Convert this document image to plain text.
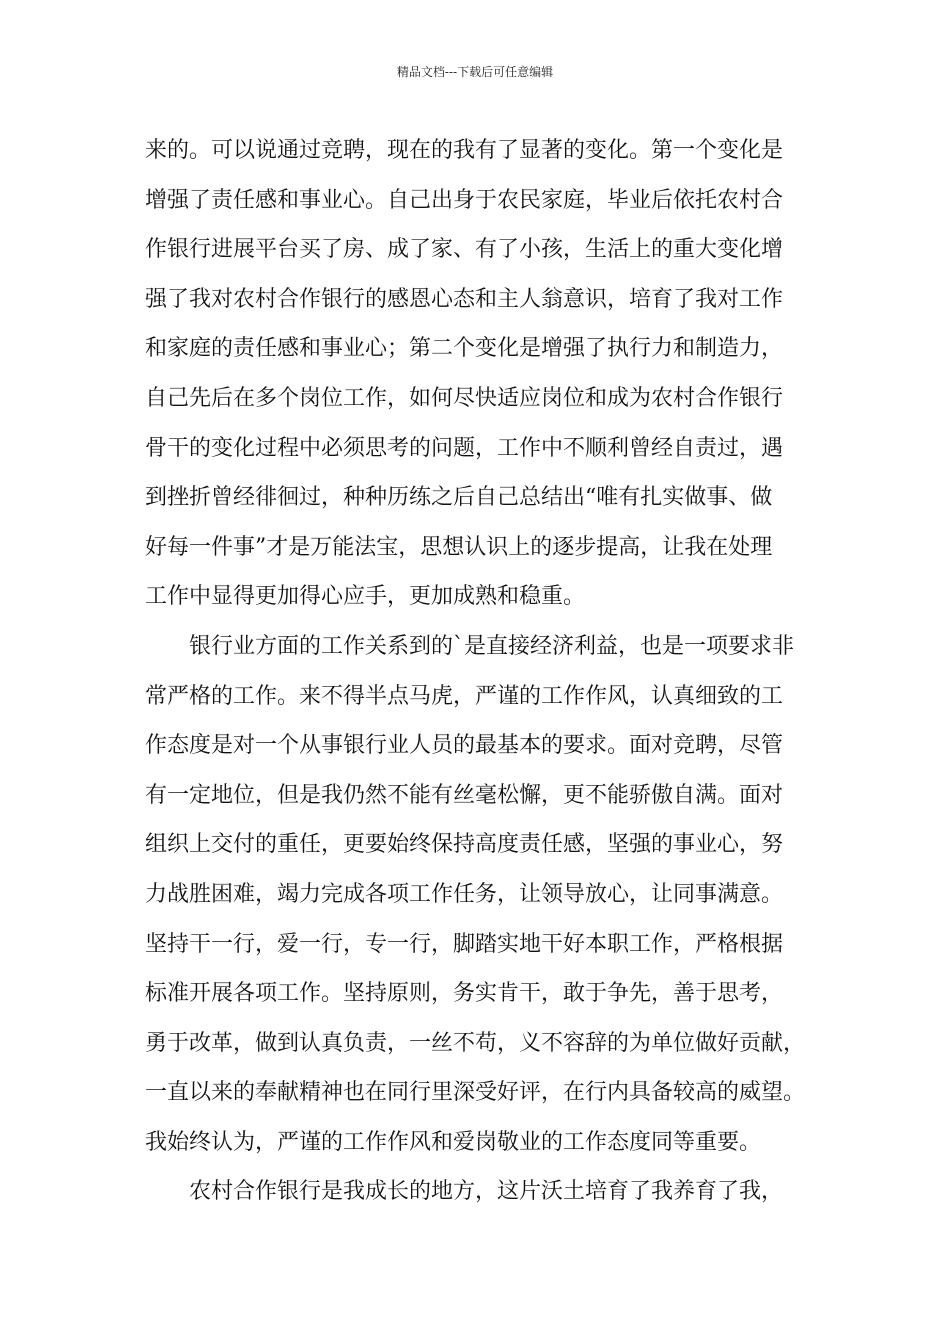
精品文档---下载后可任意编辑
来的。可以说通过竞聘，现在的我有了显著的变化。第一个变化是
增强了责任感和事业心。自己出身于农民家庭，毕业后依托农村合
作银行进展平台买了房、成了家、有了小孩，生活上的重大变化增
强了我对农村合作银行的感恩心态和主人翁意识，培育了我对工作
和家庭的责任感和事业心；第二个变化是增强了执行力和制造力，
自己先后在多个岗位工作，如何尽快适应岗位和成为农村合作银行
骨干的变化过程中必须思考的问题，工作中不顺利曾经自责过，遇
到挫折曾经徘徊过，种种历练之后自己总结出“唯有扎实做事、做
好每一件事”才是万能法宝，思想认识上的逐步提高，让我在处理
工作中显得更加得心应手，更加成熟和稳重。
银行业方面的工作关系到的`是直接经济利益，也是一项要求非
常严格的工作。来不得半点马虎，严谨的工作作风，认真细致的工
作态度是对一个从事银行业人员的最基本的要求。面对竞聘，尽管
有一定地位，但是我仍然不能有丝毫松懈，更不能骄傲自满。面对
组织上交付的重任，更要始终保持高度责任感，坚强的事业心，努
力战胜困难，竭力完成各项工作任务，让领导放心，让同事满意。
坚持干一行，爱一行，专一行，脚踏实地干好本职工作，严格根据
标准开展各项工作。坚持原则，务实肯干，敢于争先，善于思考，
勇于改革，做到认真负责，一丝不苟，义不容辞的为单位做好贡献，
一直以来的奉献精神也在同行里深受好评，在行内具备较高的威望。
我始终认为，严谨的工作作风和爱岗敬业的工作态度同等重要。
农村合作银行是我成长的地方，这片沃土培育了我养育了我，
